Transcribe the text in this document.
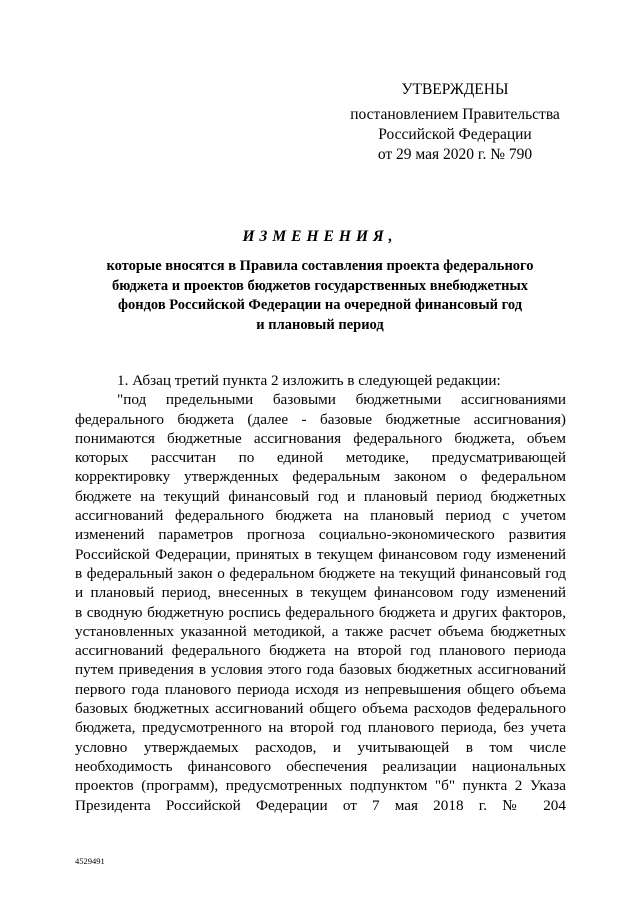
УТВЕРЖДЕНЫ
постановлением Правительства
Российской Федерации
от 29 мая 2020 г. № 790
ИЗМЕНЕНИЯ,
которые вносятся в Правила составления проекта федерального
бюджета и проектов бюджетов государственных внебюджетных
фондов Российской Федерации на очередной финансовый год
и плановый период
1. Абзац третий пункта 2 изложить в следующей редакции:
"под предельными базовыми бюджетными ассигнованиями
федерального бюджета (далее - базовые бюджетные ассигнования)
понимаются бюджетные ассигнования федерального бюджета, объем
которых рассчитан по единой методике, предусматривающей
корректировку утвержденных федеральным законом о федеральном
бюджете на текущий финансовый год и плановый период бюджетных
ассигнований федерального бюджета на плановый период с учетом
изменений параметров прогноза социально-экономического развития
Российской Федерации, принятых в текущем финансовом году изменений
в федеральный закон о федеральном бюджете на текущий финансовый год
и плановый период, внесенных в текущем финансовом году изменений
в сводную бюджетную роспись федерального бюджета и других факторов,
установленных указанной методикой, а также расчет объема бюджетных
ассигнований федерального бюджета на второй год планового периода
путем приведения в условия этого года базовых бюджетных ассигнований
первого года планового периода исходя из непревышения общего объема
базовых бюджетных ассигнований общего объема расходов федерального
бюджета, предусмотренного на второй год планового периода, без учета
условно утверждаемых расходов, и учитывающей в том числе
необходимость финансового обеспечения реализации национальных
проектов (программ), предусмотренных подпунктом "б" пункта 2 Указа
Президента Российской Федерации от 7 мая 2018 г. № 204
4529491
